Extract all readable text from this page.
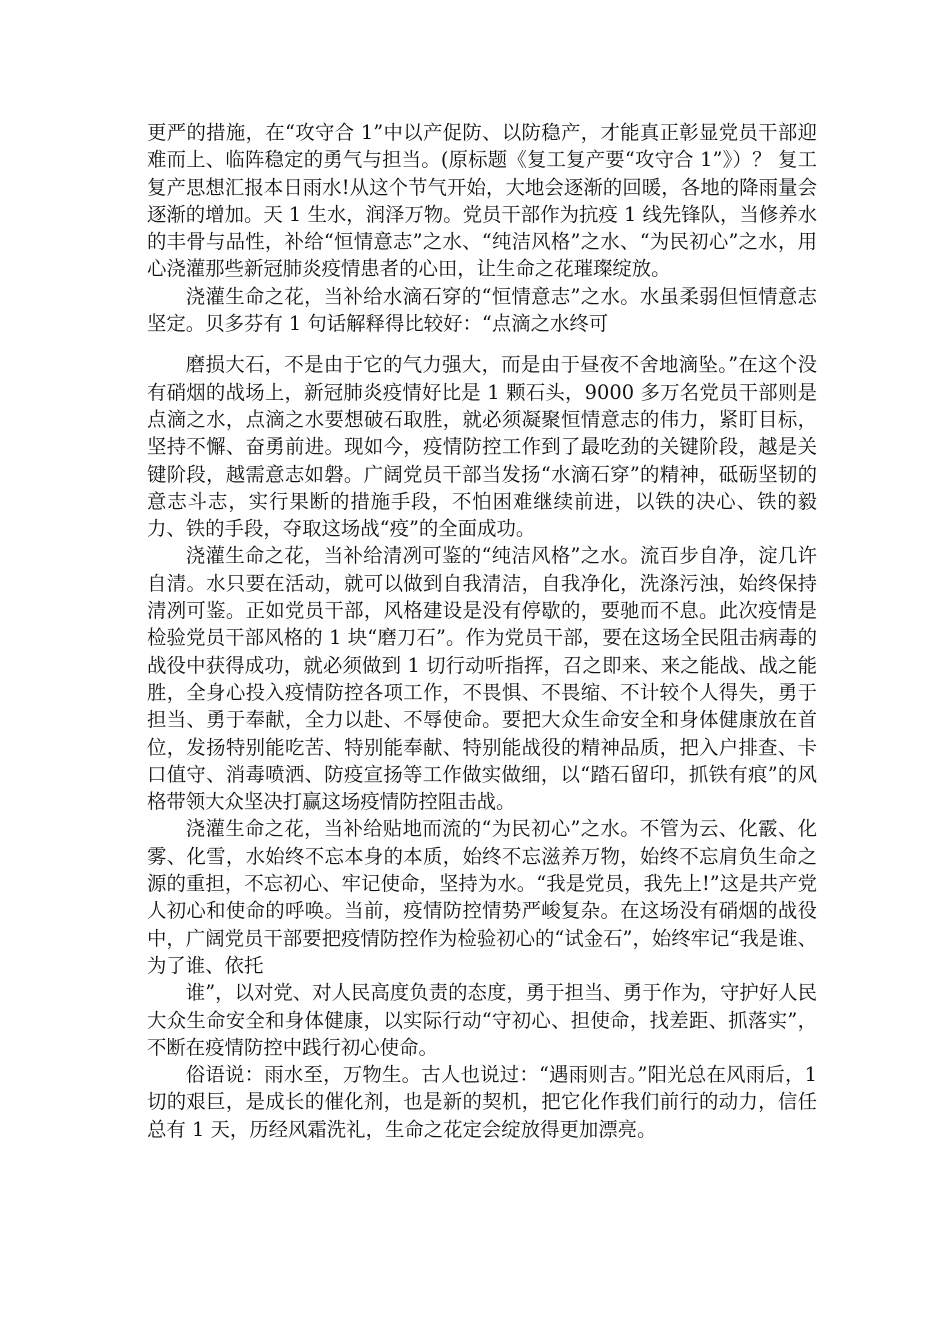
更严的措施，在“攻守合 1”中以产促防、以防稳产，才能真正彰显党员干部迎难而上、临阵稳定的勇气与担当。(原标题《复工复产要“攻守合 1”》）？ 复工复产思想汇报本日雨水!从这个节气开始，大地会逐渐的回暖，各地的降雨量会逐渐的增加。天 1 生水，润泽万物。党员干部作为抗疫 1 线先锋队，当修养水的丰骨与品性，补给“恒情意志”之水、“纯洁风格”之水、“为民初心”之水，用心浇灌那些新冠肺炎疫情患者的心田，让生命之花璀璨绽放。

浇灌生命之花，当补给水滴石穿的“恒情意志”之水。水虽柔弱但恒情意志坚定。贝多芬有 1 句话解释得比较好：“点滴之水终可

磨损大石，不是由于它的气力强大，而是由于昼夜不舍地滴坠。”在这个没有硝烟的战场上，新冠肺炎疫情好比是 1 颗石头，9000 多万名党员干部则是点滴之水，点滴之水要想破石取胜，就必须凝聚恒情意志的伟力，紧盯目标，坚持不懈、奋勇前进。现如今，疫情防控工作到了最吃劲的关键阶段，越是关键阶段，越需意志如磐。广阔党员干部当发扬“水滴石穿”的精神，砥砺坚韧的意志斗志，实行果断的措施手段，不怕困难继续前进，以铁的决心、铁的毅力、铁的手段，夺取这场战“疫”的全面成功。

浇灌生命之花，当补给清冽可鉴的“纯洁风格”之水。流百步自净，淀几许自清。水只要在活动，就可以做到自我清洁，自我净化，洗涤污浊，始终保持清冽可鉴。正如党员干部，风格建设是没有停歇的，要驰而不息。此次疫情是检验党员干部风格的 1 块“磨刀石”。作为党员干部，要在这场全民阻击病毒的战役中获得成功，就必须做到 1 切行动听指挥，召之即来、来之能战、战之能胜，全身心投入疫情防控各项工作，不畏惧、不畏缩、不计较个人得失，勇于担当、勇于奉献，全力以赴、不辱使命。要把大众生命安全和身体健康放在首位，发扬特别能吃苦、特别能奉献、特别能战役的精神品质，把入户排查、卡口值守、消毒喷洒、防疫宣扬等工作做实做细，以“踏石留印，抓铁有痕”的风格带领大众坚决打赢这场疫情防控阻击战。

浇灌生命之花，当补给贴地而流的“为民初心”之水。不管为云、化霰、化雾、化雪，水始终不忘本身的本质，始终不忘滋养万物，始终不忘肩负生命之源的重担，不忘初心、牢记使命，坚持为水。“我是党员，我先上!”这是共产党人初心和使命的呼唤。当前，疫情防控情势严峻复杂。在这场没有硝烟的战役中，广阔党员干部要把疫情防控作为检验初心的“试金石”，始终牢记“我是谁、为了谁、依托

谁”，以对党、对人民高度负责的态度，勇于担当、勇于作为，守护好人民大众生命安全和身体健康，以实际行动“守初心、担使命，找差距、抓落实”，不断在疫情防控中践行初心使命。

俗语说：雨水至，万物生。古人也说过：“遇雨则吉。”阳光总在风雨后，1 切的艰巨，是成长的催化剂，也是新的契机，把它化作我们前行的动力，信任总有 1 天，历经风霜洗礼，生命之花定会绽放得更加漂亮。
